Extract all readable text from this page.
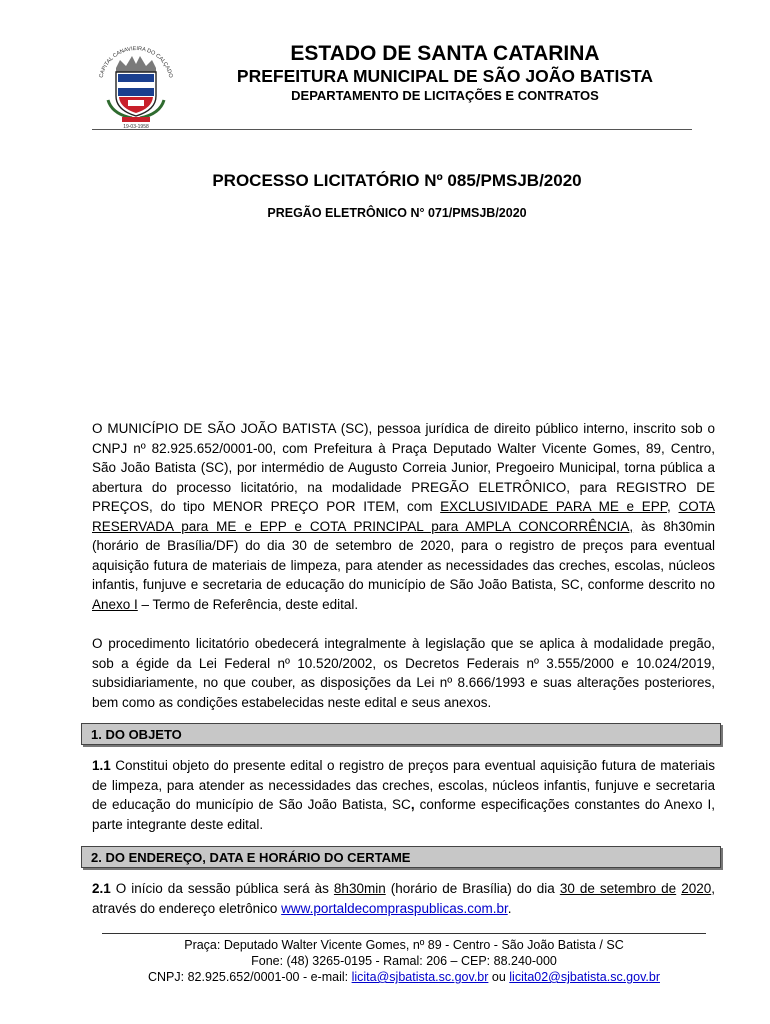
CAPITAL CANAVIEIRA DO CALÇADO
19-03-1958
ESTADO DE SANTA CATARINA
PREFEITURA MUNICIPAL DE SÃO JOÃO BATISTA
DEPARTAMENTO DE LICITAÇÕES E CONTRATOS
PROCESSO LICITATÓRIO Nº 085/PMSJB/2020
PREGÃO ELETRÔNICO N° 071/PMSJB/2020

O MUNICÍPIO DE SÃO JOÃO BATISTA (SC), pessoa jurídica de direito público interno, inscrito sob o CNPJ nº 82.925.652/0001-00, com Prefeitura à Praça Deputado Walter Vicente Gomes, 89, Centro, São João Batista (SC), por intermédio de Augusto Correia Junior, Pregoeiro Municipal, torna pública a abertura do processo licitatório, na modalidade PREGÃO ELETRÔNICO, para REGISTRO DE PREÇOS, do tipo MENOR PREÇO POR ITEM, com EXCLUSIVIDADE PARA ME e EPP, COTA RESERVADA para ME e EPP e COTA PRINCIPAL para AMPLA CONCORRÊNCIA, às 8h30min (horário de Brasília/DF) do dia 30 de setembro de 2020, para o registro de preços para eventual aquisição futura de materiais de limpeza, para atender as necessidades das creches, escolas, núcleos infantis, funjuve e secretaria de educação do município de São João Batista, SC, conforme descrito no Anexo I – Termo de Referência, deste edital.

O procedimento licitatório obedecerá integralmente à legislação que se aplica à modalidade pregão, sob a égide da Lei Federal nº 10.520/2002, os Decretos Federais nº 3.555/2000 e 10.024/2019, subsidiariamente, no que couber, as disposições da Lei nº 8.666/1993 e suas alterações posteriores, bem como as condições estabelecidas neste edital e seus anexos.

1. DO OBJETO

1.1 Constitui objeto do presente edital o registro de preços para eventual aquisição futura de materiais de limpeza, para atender as necessidades das creches, escolas, núcleos infantis, funjuve e secretaria de educação do município de São João Batista, SC, conforme especificações constantes do Anexo I, parte integrante deste edital.

2. DO ENDEREÇO, DATA E HORÁRIO DO CERTAME

2.1 O início da sessão pública será às 8h30min (horário de Brasília) do dia 30 de setembro de 2020, através do endereço eletrônico www.portaldecompraspublicas.com.br.

Praça: Deputado Walter Vicente Gomes, nº 89 - Centro - São João Batista / SC
Fone: (48) 3265-0195 - Ramal: 206 – CEP: 88.240-000
CNPJ: 82.925.652/0001-00 - e-mail: licita@sjbatista.sc.gov.br ou licita02@sjbatista.sc.gov.br
